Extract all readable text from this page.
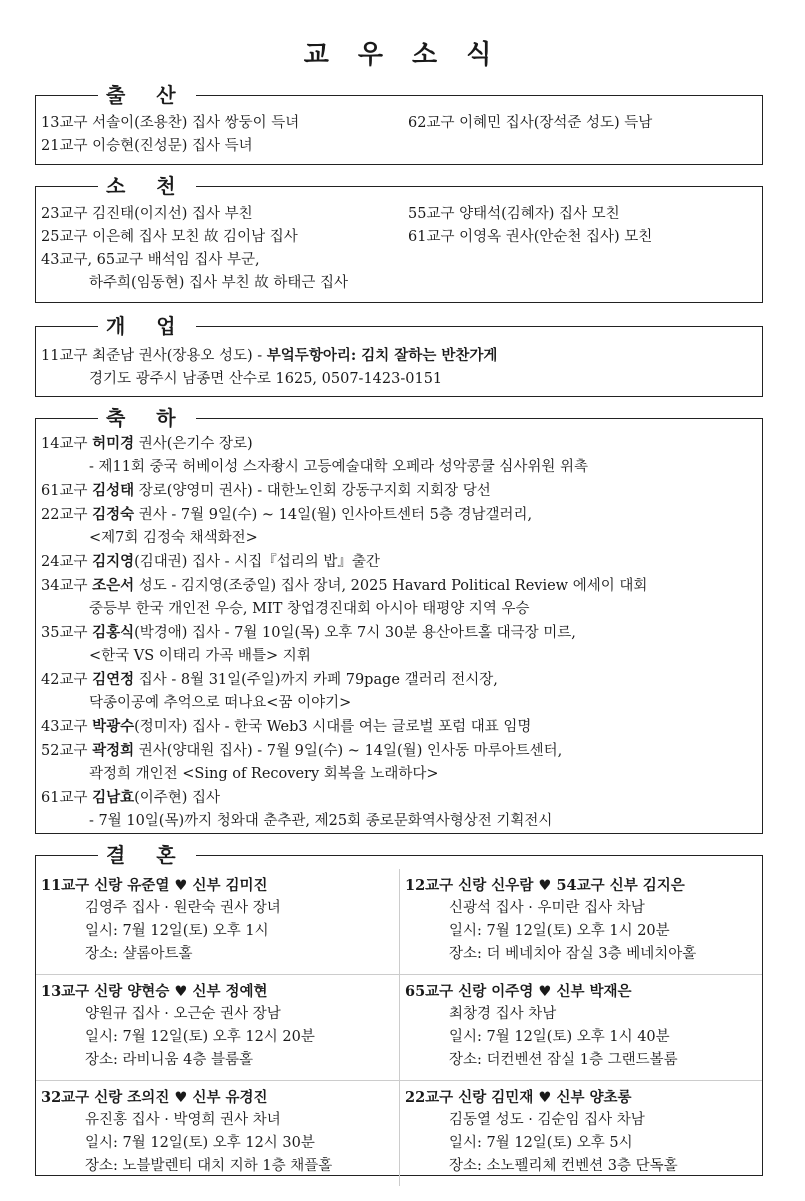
교 우 소 식
출 산
13교구 서솔이(조용찬) 집사 쌍둥이 득녀	62교구 이혜민 집사(장석준 성도) 득남
21교구 이승현(진성문) 집사 득녀
소 천
23교구 김진태(이지선) 집사 부친	55교구 양태석(김혜자) 집사 모친
25교구 이은혜 집사 모친 故 김이남 집사	61교구 이영옥 권사(안순천 집사) 모친
43교구, 65교구 배석임 집사 부군,
하주희(임동현) 집사 부친 故 하태근 집사
개 업
11교구 최준남 권사(장용오 성도) - 부엌두항아리: 김치 잘하는 반찬가게
경기도 광주시 남종면 산수로 1625, 0507-1423-0151
축 하
14교구 허미경 권사(은기수 장로)
- 제11회 중국 허베이성 스자좡시 고등예술대학 오페라 성악콩쿨 심사위원 위촉
61교구 김성태 장로(양영미 권사) - 대한노인회 강동구지회 지회장 당선
22교구 김정숙 권사 - 7월 9일(수) ~ 14일(월) 인사아트센터 5층 경남갤러리,
<제7회 김정숙 채색화전>
24교구 김지영(김대권) 집사 - 시집『섭리의 밥』출간
34교구 조은서 성도 - 김지영(조중일) 집사 장녀, 2025 Havard Political Review 에세이 대회
중등부 한국 개인전 우승, MIT 창업경진대회 아시아 태평양 지역 우승
35교구 김홍식(박경애) 집사 - 7월 10일(목) 오후 7시 30분 용산아트홀 대극장 미르,
<한국 VS 이태리 가곡 배틀> 지휘
42교구 김연정 집사 - 8월 31일(주일)까지 카페 79page 갤러리 전시장,
닥종이공예 추억으로 떠나요<꿈 이야기>
43교구 박광수(정미자) 집사 - 한국 Web3 시대를 여는 글로벌 포럼 대표 임명
52교구 곽정희 권사(양대원 집사) - 7월 9일(수) ~ 14일(월) 인사동 마루아트센터,
곽정희 개인전 <Sing of Recovery 회복을 노래하다>
61교구 김남효(이주현) 집사
- 7월 10일(목)까지 청와대 춘추관, 제25회 종로문화역사형상전 기획전시
결 혼
11교구 신랑 유준열 ♥ 신부 김미진
김영주 집사 · 원란숙 권사 장녀
일시: 7월 12일(토) 오후 1시
장소: 샬롬아트홀
12교구 신랑 신우람 ♥ 54교구 신부 김지은
신광석 집사 · 우미란 집사 차남
일시: 7월 12일(토) 오후 1시 20분
장소: 더 베네치아 잠실 3층 베네치아홀
13교구 신랑 양현승 ♥ 신부 정예현
양원규 집사 · 오근순 권사 장남
일시: 7월 12일(토) 오후 12시 20분
장소: 라비니움 4층 블룸홀
65교구 신랑 이주영 ♥ 신부 박재은
최창경 집사 차남
일시: 7월 12일(토) 오후 1시 40분
장소: 더컨벤션 잠실 1층 그랜드볼룸
32교구 신랑 조의진 ♥ 신부 유경진
유진홍 집사 · 박영희 권사 차녀
일시: 7월 12일(토) 오후 12시 30분
장소: 노블발렌티 대치 지하 1층 채플홀
22교구 신랑 김민재 ♥ 신부 양초롱
김동열 성도 · 김순임 집사 차남
일시: 7월 12일(토) 오후 5시
장소: 소노펠리체 컨벤션 3층 단독홀
